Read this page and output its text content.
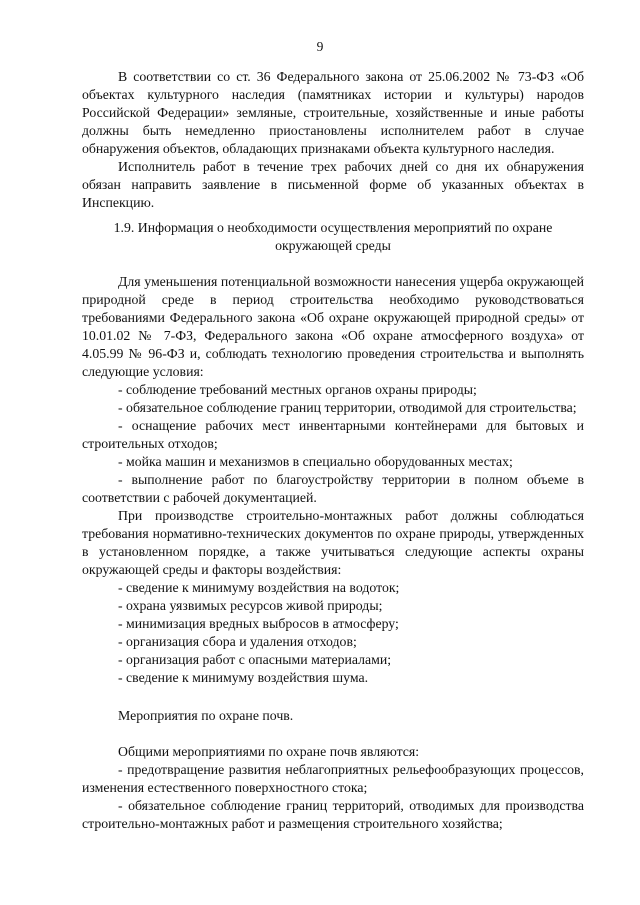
9

В соответствии со ст. 36 Федерального закона от 25.06.2002 № 73-ФЗ «Об объектах культурного наследия (памятниках истории и культуры) народов Российской Федерации» земляные, строительные, хозяйственные и иные работы должны быть немедленно приостановлены исполнителем работ в случае обнаружения объектов, обладающих признаками объекта культурного наследия.

Исполнитель работ в течение трех рабочих дней со дня их обнаружения обязан направить заявление в письменной форме об указанных объектах в Инспекцию.

1.9. Информация о необходимости осуществления мероприятий по охране окружающей среды

Для уменьшения потенциальной возможности нанесения ущерба окружающей природной среде в период строительства необходимо руководствоваться требованиями Федерального закона «Об охране окружающей природной среды» от 10.01.02 № 7-ФЗ, Федерального закона «Об охране атмосферного воздуха» от 4.05.99 № 96-ФЗ и, соблюдать технологию проведения строительства и выполнять следующие условия:

- соблюдение требований местных органов охраны природы;

- обязательное соблюдение границ территории, отводимой для строительства;

- оснащение рабочих мест инвентарными контейнерами для бытовых и строительных отходов;

- мойка машин и механизмов в специально оборудованных местах;

- выполнение работ по благоустройству территории в полном объеме в соответствии с рабочей документацией.

При производстве строительно-монтажных работ должны соблюдаться требования нормативно-технических документов по охране природы, утвержденных в установленном порядке, а также учитываться следующие аспекты охраны окружающей среды и факторы воздействия:

- сведение к минимуму воздействия на водоток;

- охрана уязвимых ресурсов живой природы;

- минимизация вредных выбросов в атмосферу;

- организация сбора и удаления отходов;

- организация работ с опасными материалами;

- сведение к минимуму воздействия шума.

Мероприятия по охране почв.

Общими мероприятиями по охране почв являются:

- предотвращение развития неблагоприятных рельефообразующих процессов, изменения естественного поверхностного стока;

- обязательное соблюдение границ территорий, отводимых для производства строительно-монтажных работ и размещения строительного хозяйства;
